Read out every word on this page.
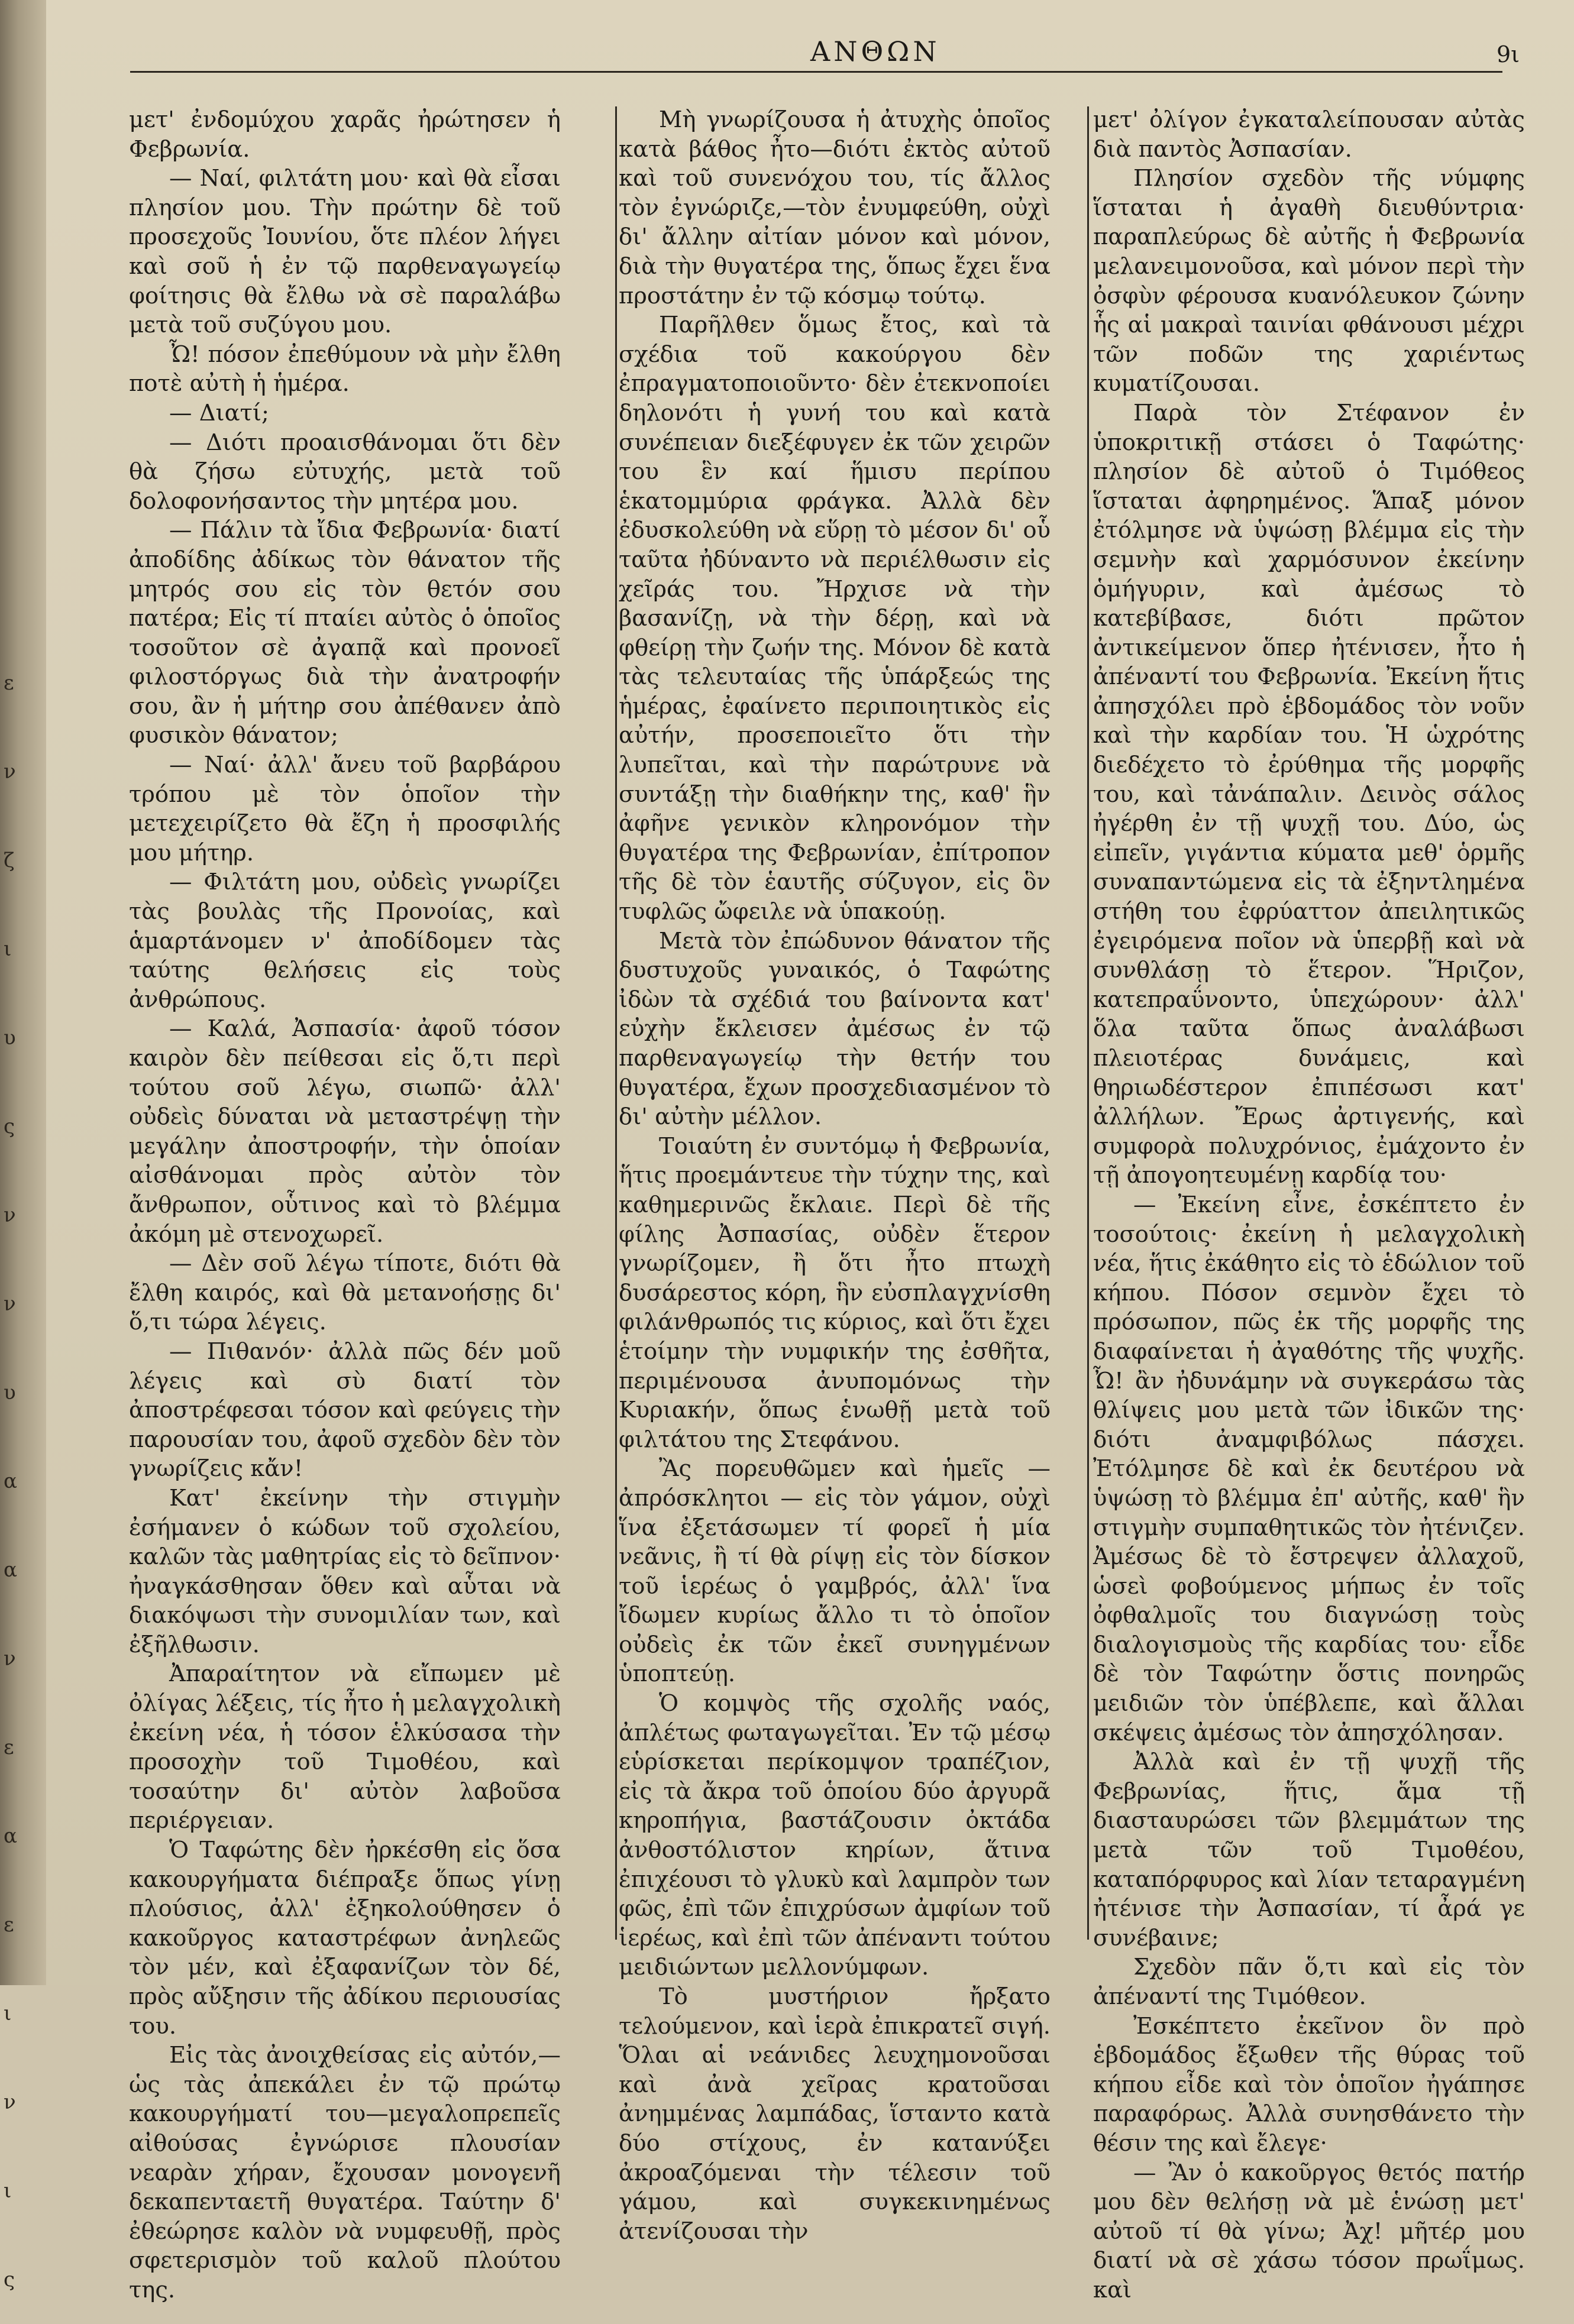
ε
ν
ζ
ι
υ
ς
ν
ν
υ
α
α
ν
ε
α
ε
ι
ν
ι
ς
ΑΝΘΩΝ	9ι

μετ' ἐνδομύχου χαρᾶς ἠρώτησεν ἡ Φεβρωνία.

— Ναί, φιλτάτη μου· καὶ θὰ εἶσαι πλησίον μου. Τὴν πρώτην δὲ τοῦ προσεχοῦς Ἰουνίου, ὅτε πλέον λήγει καὶ σοῦ ἡ ἐν τῷ παρθεναγωγείῳ φοίτησις θὰ ἔλθω νὰ σὲ παραλάβω μετὰ τοῦ συζύγου μου.

Ὦ! πόσον ἐπεθύμουν νὰ μὴν ἔλθη ποτὲ αὐτὴ ἡ ἡμέρα.

— Διατί;

— Διότι προαισθάνομαι ὅτι δὲν θὰ ζήσω εὐτυχής, μετὰ τοῦ δολοφονήσαντος τὴν μητέρα μου.

— Πάλιν τὰ ἴδια Φεβρωνία· διατί ἀποδίδης ἀδίκως τὸν θάνατον τῆς μητρός σου εἰς τὸν θετόν σου πατέρα; Εἰς τί πταίει αὐτὸς ὁ ὁποῖος τοσοῦτον σὲ ἀγαπᾷ καὶ προνοεῖ φιλοστόργως διὰ τὴν ἀνατροφήν σου, ἂν ἡ μήτηρ σου ἀπέθανεν ἀπὸ φυσικὸν θάνατον;

— Ναί· ἀλλ' ἄνευ τοῦ βαρβάρου τρόπου μὲ τὸν ὁποῖον τὴν μετεχειρίζετο θὰ ἔζη ἡ προσφιλής μου μήτηρ.

— Φιλτάτη μου, οὐδεὶς γνωρίζει τὰς βουλὰς τῆς Προνοίας, καὶ ἁμαρτάνομεν ν' ἀποδίδομεν τὰς ταύτης θελήσεις εἰς τοὺς ἀνθρώπους.

— Καλά, Ἀσπασία· ἀφοῦ τόσον καιρὸν δὲν πείθεσαι εἰς ὅ,τι περὶ τούτου σοῦ λέγω, σιωπῶ· ἀλλ' οὐδεὶς δύναται νὰ μεταστρέψῃ τὴν μεγάλην ἀποστροφήν, τὴν ὁποίαν αἰσθάνομαι πρὸς αὐτὸν τὸν ἄνθρωπον, οὗτινος καὶ τὸ βλέμμα ἀκόμη μὲ στενοχωρεῖ.

— Δὲν σοῦ λέγω τίποτε, διότι θὰ ἔλθη καιρός, καὶ θὰ μετανοήσῃς δι' ὅ,τι τώρα λέγεις.

— Πιθανόν· ἀλλὰ πῶς δέν μοῦ λέγεις καὶ σὺ διατί τὸν ἀποστρέφεσαι τόσον καὶ φεύγεις τὴν παρουσίαν του, ἀφοῦ σχεδὸν δὲν τὸν γνωρίζεις κἄν!

Κατ' ἐκείνην τὴν στιγμὴν ἐσήμανεν ὁ κώδων τοῦ σχολείου, καλῶν τὰς μαθητρίας εἰς τὸ δεῖπνον· ἠναγκάσθησαν ὅθεν καὶ αὗται νὰ διακόψωσι τὴν συνομιλίαν των, καὶ ἐξῆλθωσιν.

Ἀπαραίτητον νὰ εἴπωμεν μὲ ὀλίγας λέξεις, τίς ἦτο ἡ μελαγχολικὴ ἐκείνη νέα, ἡ τόσον ἑλκύσασα τὴν προσοχὴν τοῦ Τιμοθέου, καὶ τοσαύτην δι' αὐτὸν λαβοῦσα περιέργειαν.

Ὁ Ταφώτης δὲν ἠρκέσθη εἰς ὅσα κακουργήματα διέπραξε ὅπως γίνῃ πλούσιος, ἀλλ' ἐξηκολούθησεν ὁ κακοῦργος καταστρέφων ἀνηλεῶς τὸν μέν, καὶ ἐξαφανίζων τὸν δέ, πρὸς αὔξησιν τῆς ἀδίκου περιουσίας του.

Εἰς τὰς ἀνοιχθείσας εἰς αὐτόν,— ὡς τὰς ἀπεκάλει ἐν τῷ πρώτῳ κακουργήματί του—μεγαλοπρεπεῖς αἰθούσας ἐγνώρισε πλουσίαν νεαρὰν χήραν, ἔχουσαν μονογενῆ δεκαπενταετῆ θυγατέρα. Ταύτην δ' ἐθεώρησε καλὸν νὰ νυμφευθῇ, πρὸς σφετερισμὸν τοῦ καλοῦ πλούτου της.

Μὴ γνωρίζουσα ἡ ἀτυχὴς ὁποῖος κατὰ βάθος ἦτο—διότι ἐκτὸς αὐτοῦ καὶ τοῦ συνενόχου του, τίς ἄλλος τὸν ἐγνώριζε,—τὸν ἐνυμφεύθη, οὐχὶ δι' ἄλλην αἰτίαν μόνον καὶ μόνον, διὰ τὴν θυγατέρα της, ὅπως ἔχει ἕνα προστάτην ἐν τῷ κόσμῳ τούτῳ.

Παρῆλθεν ὅμως ἔτος, καὶ τὰ σχέδια τοῦ κακούργου δὲν ἐπραγματοποιοῦντο· δὲν ἐτεκνοποίει δηλονότι ἡ γυνή του καὶ κατὰ συνέπειαν διεξέφυγεν ἐκ τῶν χειρῶν του ἓν καί ἥμισυ περίπου ἑκατομμύρια φράγκα. Ἀλλὰ δὲν ἐδυσκολεύθη νὰ εὕρῃ τὸ μέσον δι' οὗ ταῦτα ἠδύναντο νὰ περιέλθωσιν εἰς χεῖράς του. Ἤρχισε νὰ τὴν βασανίζῃ, νὰ τὴν δέρῃ, καὶ νὰ φθείρῃ τὴν ζωήν της. Μόνον δὲ κατὰ τὰς τελευταίας τῆς ὑπάρξεώς της ἡμέρας, ἐφαίνετο περιποιητικὸς εἰς αὐτήν, προσεποιεῖτο ὅτι τὴν λυπεῖται, καὶ τὴν παρώτρυνε νὰ συντάξῃ τὴν διαθήκην της, καθ' ἣν ἀφῆνε γενικὸν κληρονόμον τὴν θυγατέρα της Φεβρωνίαν, ἐπίτροπον τῆς δὲ τὸν ἑαυτῆς σύζυγον, εἰς ὃν τυφλῶς ὤφειλε νὰ ὑπακούῃ.

Μετὰ τὸν ἐπώδυνον θάνατον τῆς δυστυχοῦς γυναικός, ὁ Ταφώτης ἰδὼν τὰ σχέδιά του βαίνοντα κατ' εὐχὴν ἔκλεισεν ἀμέσως ἐν τῷ παρθεναγωγείῳ τὴν θετήν του θυγατέρα, ἔχων προσχεδιασμένον τὸ δι' αὐτὴν μέλλον.

Τοιαύτη ἐν συντόμῳ ἡ Φεβρωνία, ἥτις προεμάντευε τὴν τύχην της, καὶ καθημερινῶς ἔκλαιε. Περὶ δὲ τῆς φίλης Ἀσπασίας, οὐδὲν ἕτερον γνωρίζομεν, ἢ ὅτι ἦτο πτωχὴ δυσάρεστος κόρη, ἣν εὐσπλαγχνίσθη φιλάνθρωπός τις κύριος, καὶ ὅτι ἔχει ἑτοίμην τὴν νυμφικήν της ἐσθῆτα, περιμένουσα ἀνυπομόνως τὴν Κυριακήν, ὅπως ἑνωθῇ μετὰ τοῦ φιλτάτου της Στεφάνου.

Ἂς πορευθῶμεν καὶ ἡμεῖς — ἀπρόσκλητοι — εἰς τὸν γάμον, οὐχὶ ἵνα ἐξετάσωμεν τί φορεῖ ἡ μία νεᾶνις, ἢ τί θὰ ρίψῃ εἰς τὸν δίσκον τοῦ ἱερέως ὁ γαμβρός, ἀλλ' ἵνα ἴδωμεν κυρίως ἄλλο τι τὸ ὁποῖον οὐδεὶς ἐκ τῶν ἐκεῖ συνηγμένων ὑποπτεύῃ.

Ὁ κομψὸς τῆς σχολῆς ναός, ἀπλέτως φωταγωγεῖται. Ἐν τῷ μέσῳ εὑρίσκεται περίκομψον τραπέζιον, εἰς τὰ ἄκρα τοῦ ὁποίου δύο ἀργυρᾶ κηροπήγια, βαστάζουσιν ὀκτάδα ἀνθοστόλιστον κηρίων, ἅτινα ἐπιχέουσι τὸ γλυκὺ καὶ λαμπρὸν των φῶς, ἐπὶ τῶν ἐπιχρύσων ἀμφίων τοῦ ἱερέως, καὶ ἐπὶ τῶν ἀπέναντι τούτου μειδιώντων μελλονύμφων.

Τὸ μυστήριον ἤρξατο τελούμενον, καὶ ἱερὰ ἐπικρατεῖ σιγή. Ὅλαι αἱ νεάνιδες λευχημονοῦσαι καὶ ἀνὰ χεῖρας κρατοῦσαι ἀνημμένας λαμπάδας, ἵσταντο κατὰ δύο στίχους, ἐν κατανύξει ἀκροαζόμεναι τὴν τέλεσιν τοῦ γάμου, καὶ συγκεκινημένως ἀτενίζουσαι τὴν

μετ' ὀλίγον ἐγκαταλείπουσαν αὐτὰς διὰ παντὸς Ἀσπασίαν.

Πλησίον σχεδὸν τῆς νύμφης ἵσταται ἡ ἀγαθὴ διευθύντρια· παραπλεύρως δὲ αὐτῆς ἡ Φεβρωνία μελανειμονοῦσα, καὶ μόνον περὶ τὴν ὀσφὺν φέρουσα κυανόλευκον ζώνην ἧς αἱ μακραὶ ταινίαι φθάνουσι μέχρι τῶν ποδῶν της χαριέντως κυματίζουσαι.

Παρὰ τὸν Στέφανον ἐν ὑποκριτικῇ στάσει ὁ Ταφώτης· πλησίον δὲ αὐτοῦ ὁ Τιμόθεος ἵσταται ἀφηρημένος. Ἅπαξ μόνον ἐτόλμησε νὰ ὑψώσῃ βλέμμα εἰς τὴν σεμνὴν καὶ χαρμόσυνον ἐκείνην ὁμήγυριν, καὶ ἀμέσως τὸ κατεβίβασε, διότι πρῶτον ἀντικείμενον ὅπερ ἠτένισεν, ἦτο ἡ ἀπέναντί του Φεβρωνία. Ἐκείνη ἥτις ἀπησχόλει πρὸ ἑβδομάδος τὸν νοῦν καὶ τὴν καρδίαν του. Ἡ ὡχρότης διεδέχετο τὸ ἐρύθημα τῆς μορφῆς του, καὶ τἀνάπαλιν. Δεινὸς σάλος ἠγέρθη ἐν τῇ ψυχῇ του. Δύο, ὡς εἰπεῖν, γιγάντια κύματα μεθ' ὁρμῆς συναπαντώμενα εἰς τὰ ἐξηντλημένα στήθη του ἐφρύαττον ἀπειλητικῶς ἐγειρόμενα ποῖον νὰ ὑπερβῇ καὶ νὰ συνθλάσῃ τὸ ἕτερον. Ἥριζον, κατεπραΰνοντο, ὑπεχώρουν· ἀλλ' ὅλα ταῦτα ὅπως ἀναλάβωσι πλειοτέρας δυνάμεις, καὶ θηριωδέστερον ἐπιπέσωσι κατ' ἀλλήλων. Ἔρως ἀρτιγενής, καὶ συμφορὰ πολυχρόνιος, ἐμάχοντο ἐν τῇ ἀπογοητευμένῃ καρδίᾳ του·

— Ἐκείνη εἶνε, ἐσκέπτετο ἐν τοσούτοις· ἐκείνη ἡ μελαγχολικὴ νέα, ἥτις ἐκάθητο εἰς τὸ ἑδώλιον τοῦ κήπου. Πόσον σεμνὸν ἔχει τὸ πρόσωπον, πῶς ἐκ τῆς μορφῆς της διαφαίνεται ἡ ἀγαθότης τῆς ψυχῆς. Ὦ! ἂν ἠδυνάμην νὰ συγκεράσω τὰς θλίψεις μου μετὰ τῶν ἰδικῶν της· διότι ἀναμφιβόλως πάσχει. Ἐτόλμησε δὲ καὶ ἐκ δευτέρου νὰ ὑψώσῃ τὸ βλέμμα ἐπ' αὐτῆς, καθ' ἣν στιγμὴν συμπαθητικῶς τὸν ἠτένιζεν. Ἀμέσως δὲ τὸ ἔστρεψεν ἀλλαχοῦ, ὡσεὶ φοβούμενος μήπως ἐν τοῖς ὀφθαλμοῖς του διαγνώσῃ τοὺς διαλογισμοὺς τῆς καρδίας του· εἶδε δὲ τὸν Ταφώτην ὅστις πονηρῶς μειδιῶν τὸν ὑπέβλεπε, καὶ ἄλλαι σκέψεις ἀμέσως τὸν ἀπησχόλησαν.

Ἀλλὰ καὶ ἐν τῇ ψυχῇ τῆς Φεβρωνίας, ἥτις, ἅμα τῇ διασταυρώσει τῶν βλεμμάτων της μετὰ τῶν τοῦ Τιμοθέου, καταπόρφυρος καὶ λίαν τεταραγμένη ἠτένισε τὴν Ἀσπασίαν, τί ἆρά γε συνέβαινε;

Σχεδὸν πᾶν ὅ,τι καὶ εἰς τὸν ἀπέναντί της Τιμόθεον.

Ἐσκέπτετο ἐκεῖνον ὃν πρὸ ἑβδομάδος ἔξωθεν τῆς θύρας τοῦ κήπου εἶδε καὶ τὸν ὁποῖον ἠγάπησε παραφόρως. Ἀλλὰ συνησθάνετο τὴν θέσιν της καὶ ἔλεγε·

— Ἂν ὁ κακοῦργος θετός πατήρ μου δὲν θελήσῃ νὰ μὲ ἑνώσῃ μετ' αὐτοῦ τί θὰ γίνω; Ἀχ! μῆτέρ μου διατί νὰ σὲ χάσω τόσον πρωΐμως. καὶ
